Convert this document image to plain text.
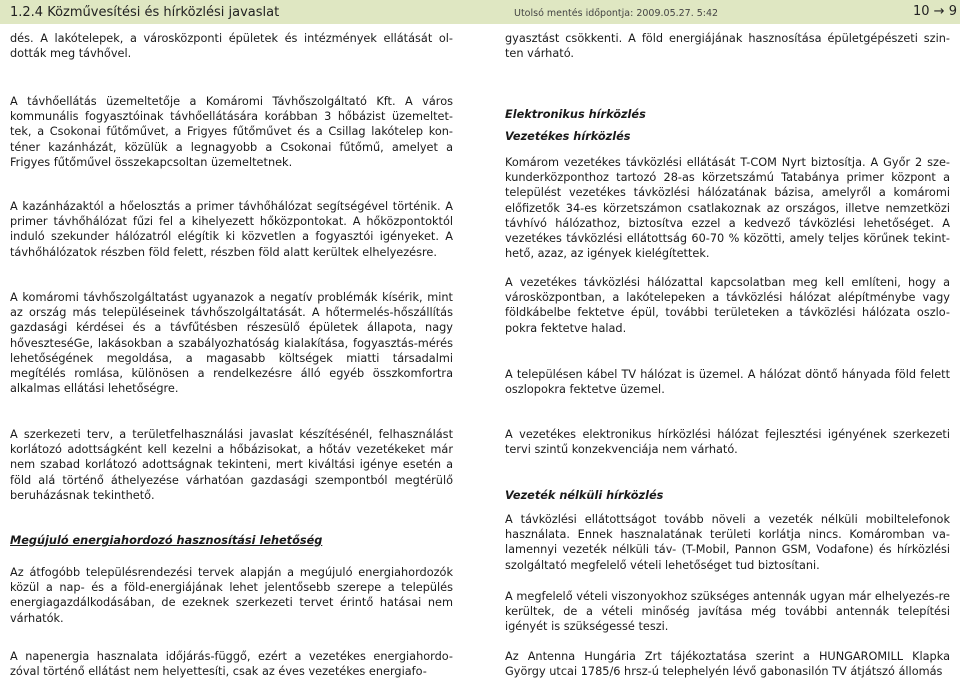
1.2.4 Közművesítési és hírközlési javaslat	Utolsó mentés időpontja: 2009.05.27. 5:42	10 → 9

dés. A lakótelepek, a városközponti épületek és intézmények ellátását ol-dották meg távhővel.

A távhőellátás üzemeltetője a Komáromi Távhőszolgáltató Kft. A város kommunális fogyasztóinak távhőellátására korábban 3 hőbázist üzemeltet-tek, a Csokonai fűtőművet, a Frigyes fűtőművet és a Csillag lakótelep kon-téner kazánházát, közülük a legnagyobb a Csokonai fűtőmű, amelyet a Frigyes fűtőművel összekapcsoltan üzemeltetnek.

A kazánházaktól a hőelosztás a primer távhőhálózat segítségével történik. A primer távhőhálózat fűzi fel a kihelyezett hőközpontokat. A hőközpontoktól induló szekunder hálózatról elégítik ki közvetlen a fogyasztói igényeket. A távhőhálózatok részben föld felett, részben föld alatt kerültek elhelyezésre.

A komáromi távhőszolgáltatást ugyanazok a negatív problémák kísérik, mint az ország más településeinek távhőszolgáltatását. A hőtermelés-hőszállítás gazdasági kérdései és a távfűtésben részesülő épületek állapota, nagy hőveszteséGe, lakásokban a szabályozhatóság kialakítása, fogyasztás-mérés lehetőségének megoldása, a magasabb költségek miatti társadalmi megítélés romlása, különösen a rendelkezésre álló egyéb összkomfortra alkalmas ellátási lehetőségre.

A szerkezeti terv, a területfelhasználási javaslat készítésénél, felhasználást korlátozó adottságként kell kezelni a hőbázisokat, a hőtáv vezetékeket már nem szabad korlátozó adottságnak tekinteni, mert kiváltási igénye esetén a föld alá történő áthelyezése várhatóan gazdasági szempontból megtérülő beruházásnak tekinthető.

Megújuló energiahordozó hasznosítási lehetőség

Az átfogóbb településrendezési tervek alapján a megújuló energiahordozók közül a nap- és a föld-energiájának lehet jelentősebb szerepe a település energiagazdálkodásában, de ezeknek szerkezeti tervet érintő hatásai nem várhatók.

A napenergia hasznalata időjárás-függő, ezért a vezetékes energiahordo-zóval történő ellátást nem helyettesíti, csak az éves vezetékes energiafo-

gyasztást csökkenti. A föld energiájának hasznosítása épületgépészeti szin-ten várható.

Elektronikus hírközlés

Vezetékes hírközlés

Komárom vezetékes távközlési ellátását T-COM Nyrt biztosítja. A Győr 2 sze-kunderközponthoz tartozó 28-as körzetszámú Tatabánya primer központ a települést vezetékes távközlési hálózatának bázisa, amelyről a komáromi előfizetők 34-es körzetszámon csatlakoznak az országos, illetve nemzetközi távhívó hálózathoz, biztosítva ezzel a kedvező távközlési lehetőséget. A vezetékes távközlési ellátottság 60-70 % közötti, amely teljes körűnek tekint-hető, azaz, az igények kielégítettek.

A vezetékes távközlési hálózattal kapcsolatban meg kell említeni, hogy a városközpontban, a lakótelepeken a távközlési hálózat alépítménybe vagy földkábelbe fektetve épül, további területeken a távközlési hálózata oszlo-pokra fektetve halad.

A településen kábel TV hálózat is üzemel. A hálózat döntő hányada föld felett oszlopokra fektetve üzemel.

A vezetékes elektronikus hírközlési hálózat fejlesztési igényének szerkezeti tervi szintű konzekvenciája nem várható.

Vezeték nélküli hírközlés

A távközlési ellátottságot tovább növeli a vezeték nélküli mobiltelefonok használata. Ennek hasznalatának területi korlátja nincs. Komáromban va-lamennyi vezeték nélküli táv- (T-Mobil, Pannon GSM, Vodafone) és hírközlési szolgáltató megfelelő vételi lehetőséget tud biztosítani.

A megfelelő vételi viszonyokhoz szükséges antennák ugyan már elhelyezés-re kerültek, de a vételi minőség javítása még további antennák telepítési igényét is szükségessé teszi.

Az Antenna Hungária Zrt tájékoztatása szerint a HUNGAROMILL Klapka György utcai 1785/6 hrsz-ú telephelyén lévő gabonasilón TV átjátszó állomás
